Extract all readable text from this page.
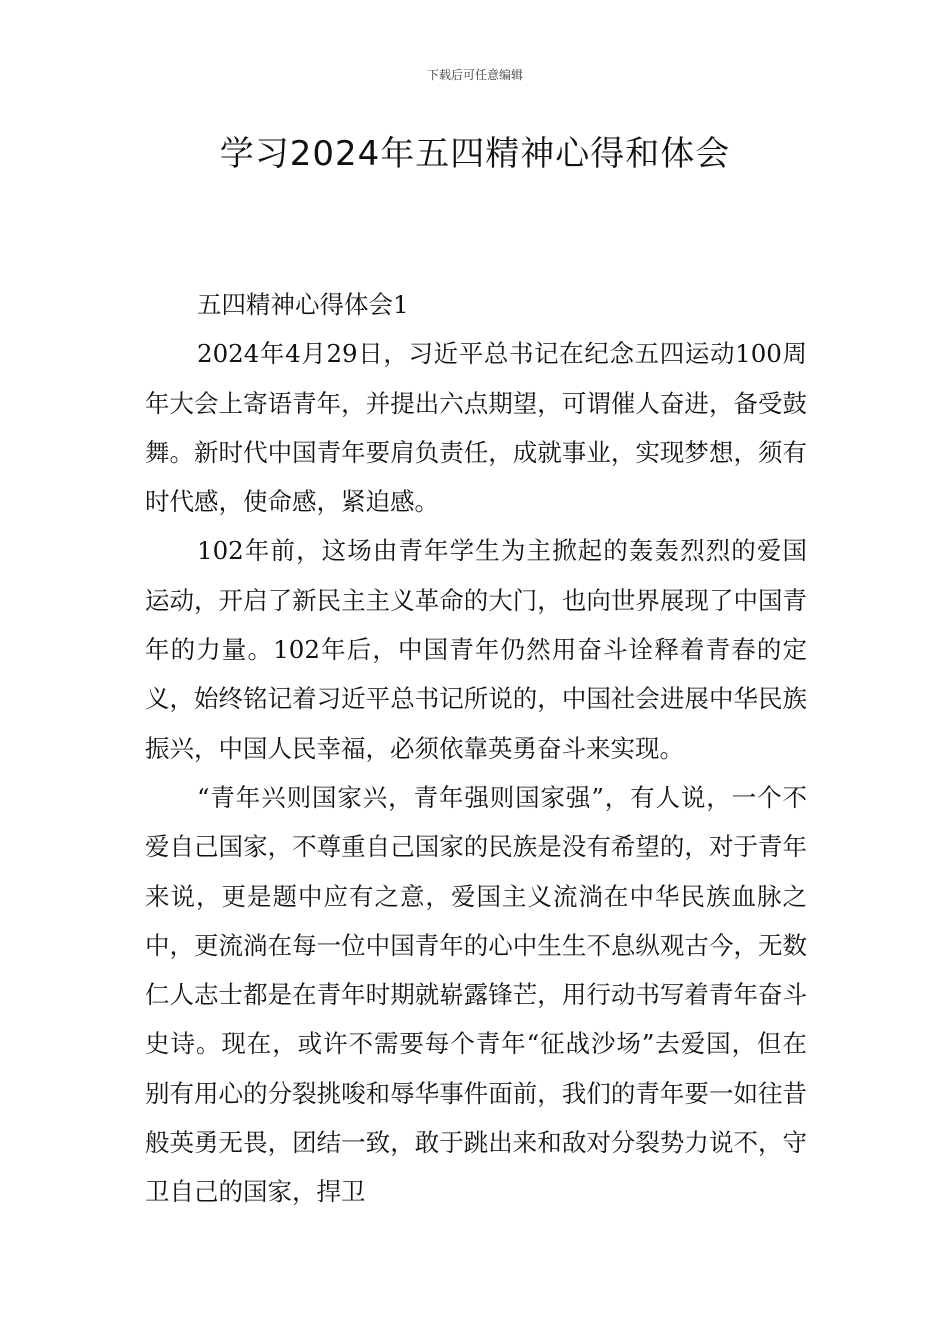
下载后可任意编辑
学习2024年五四精神心得和体会

五四精神心得体会1

2024年4月29日，习近平总书记在纪念五四运动100周年大会上寄语青年，并提出六点期望，可谓催人奋进，备受鼓舞。新时代中国青年要肩负责任，成就事业，实现梦想，须有时代感，使命感，紧迫感。

102年前，这场由青年学生为主掀起的轰轰烈烈的爱国运动，开启了新民主主义革命的大门，也向世界展现了中国青年的力量。102年后，中国青年仍然用奋斗诠释着青春的定义，始终铭记着习近平总书记所说的，中国社会进展中华民族振兴，中国人民幸福，必须依靠英勇奋斗来实现。

“青年兴则国家兴，青年强则国家强”，有人说，一个不爱自己国家，不尊重自己国家的民族是没有希望的，对于青年来说，更是题中应有之意，爱国主义流淌在中华民族血脉之中，更流淌在每一位中国青年的心中生生不息纵观古今，无数仁人志士都是在青年时期就崭露锋芒，用行动书写着青年奋斗史诗。现在，或许不需要每个青年“征战沙场”去爱国，但在别有用心的分裂挑唆和辱华事件面前，我们的青年要一如往昔般英勇无畏，团结一致，敢于跳出来和敌对分裂势力说不，守卫自己的国家，捍卫
